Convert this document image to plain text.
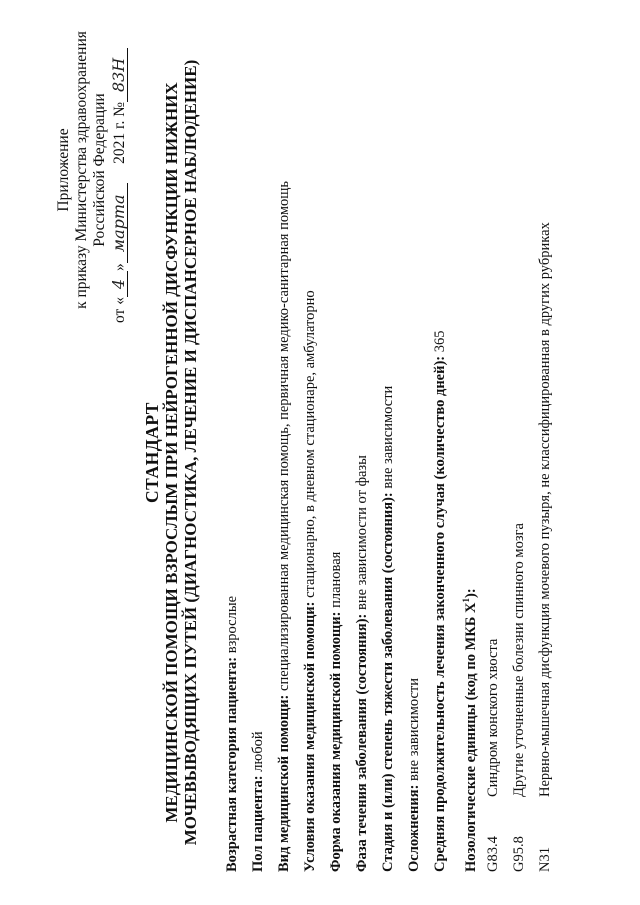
Приложение к приказу Министерства здравоохранения Российской Федерации
от «4»марта     2021 г. №83Н
СТАНДАРТ МЕДИЦИНСКОЙ ПОМОЩИ ВЗРОСЛЫМ ПРИ НЕЙРОГЕННОЙ ДИСФУНКЦИИ НИЖНИХ МОЧЕВЫВОДЯЩИХ ПУТЕЙ (ДИАГНОСТИКА, ЛЕЧЕНИЕ И ДИСПАНСЕРНОЕ НАБЛЮДЕНИЕ) Возрастная категория пациента: взрослые
Пол пациента: любой Вид медицинской помощи: специализированная медицинская помощь, первичная медико-санитарная помощь
Условия оказания медицинской помощи: стационарно, в дневном стационаре, амбулаторно
Форма оказания медицинской помощи: плановая
Фаза течения заболевания (состояния): вне зависимости от фазы Стадия и (или) степень тяжести заболевания (состояния): вне зависимости
Осложнения: вне зависимости Средняя продолжительность лечения законченного случая (количество дней): 365
Нозологические единицы (код по МКБ $X^1$):
G83.4
Синдром конского хвоста
G95.8
Другие уточненные болезни спинного мозга
N31
Нервно-мышечная дисфункция мочевого пузыря, не классифицированная в других рубриках
